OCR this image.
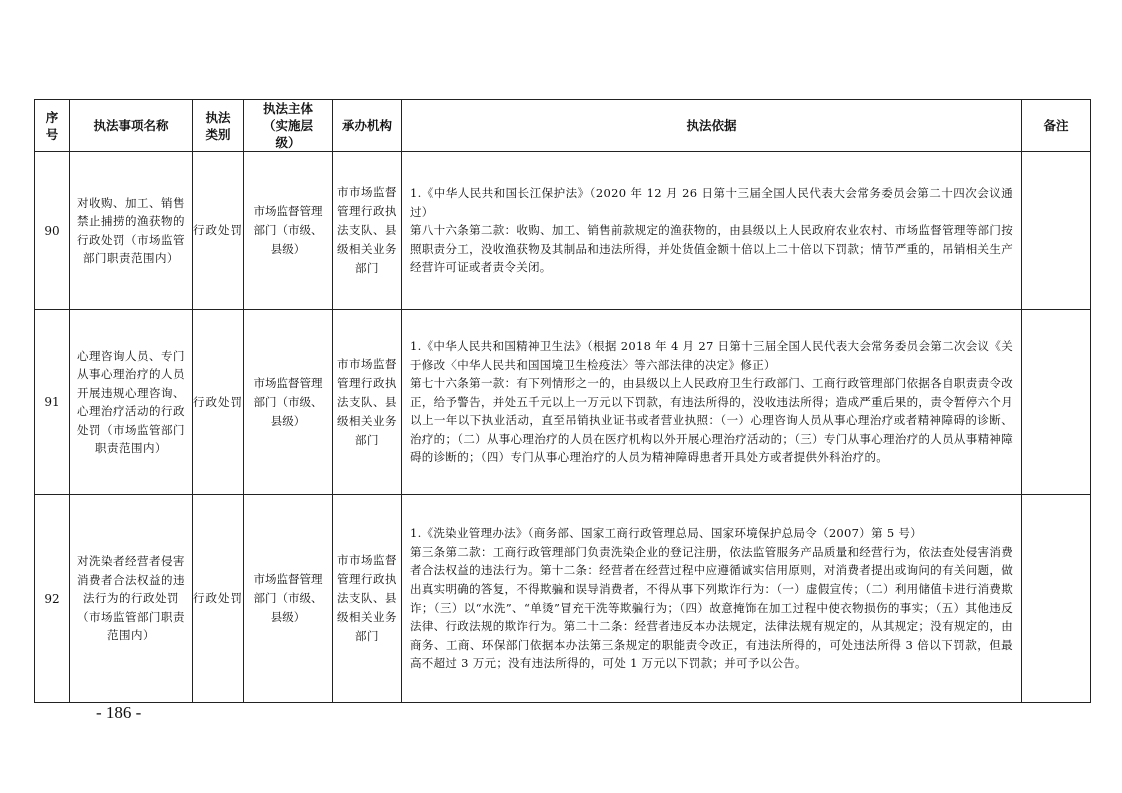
序号	执法事项名称	执法类别	执法主体（实施层级）	承办机构	执法依据	备注
90	对收购、加工、销售禁止捕捞的渔获物的行政处罚（市场监管部门职责范围内）	行政处罚	市场监督管理部门（市级、县级）	市市场监督管理行政执法支队、县级相关业务部门	1.《中华人民共和国长江保护法》（2020 年 12 月 26 日第十三届全国人民代表大会常务委员会第二十四次会议通过）

第八十六条第二款：收购、加工、销售前款规定的渔获物的，由县级以上人民政府农业农村、市场监督管理等部门按照职责分工，没收渔获物及其制品和违法所得，并处货值金额十倍以上二十倍以下罚款；情节严重的，吊销相关生产经营许可证或者责令关闭。	

91	心理咨询人员、专门从事心理治疗的人员开展违规心理咨询、心理治疗活动的行政处罚（市场监管部门职责范围内）	行政处罚	市场监督管理部门（市级、县级）	市市场监督管理行政执法支队、县级相关业务部门	1.《中华人民共和国精神卫生法》（根据 2018 年 4 月 27 日第十三届全国人民代表大会常务委员会第二次会议《关于修改〈中华人民共和国国境卫生检疫法〉等六部法律的决定》修正）

第七十六条第一款：有下列情形之一的，由县级以上人民政府卫生行政部门、工商行政管理部门依据各自职责责令改正，给予警告，并处五千元以上一万元以下罚款，有违法所得的，没收违法所得；造成严重后果的，责令暂停六个月以上一年以下执业活动，直至吊销执业证书或者营业执照：（一）心理咨询人员从事心理治疗或者精神障碍的诊断、治疗的；（二）从事心理治疗的人员在医疗机构以外开展心理治疗活动的；（三）专门从事心理治疗的人员从事精神障碍的诊断的；（四）专门从事心理治疗的人员为精神障碍患者开具处方或者提供外科治疗的。	

92	对洗染者经营者侵害消费者合法权益的违法行为的行政处罚（市场监管部门职责范围内）	行政处罚	市场监督管理部门（市级、县级）	市市场监督管理行政执法支队、县级相关业务部门	1.《洗染业管理办法》（商务部、国家工商行政管理总局、国家环境保护总局令（2007）第 5 号）

第三条第二款：工商行政管理部门负责洗染企业的登记注册，依法监管服务产品质量和经营行为，依法查处侵害消费者合法权益的违法行为。第十二条：经营者在经营过程中应遵循诚实信用原则，对消费者提出或询问的有关问题，做出真实明确的答复，不得欺骗和误导消费者，不得从事下列欺诈行为：（一）虚假宣传；（二）利用储值卡进行消费欺诈；（三）以“水洗”、“单烫”冒充干洗等欺骗行为；（四）故意掩饰在加工过程中使衣物损伤的事实；（五）其他违反法律、行政法规的欺诈行为。第二十二条：经营者违反本办法规定，法律法规有规定的，从其规定；没有规定的，由商务、工商、环保部门依据本办法第三条规定的职能责令改正，有违法所得的，可处违法所得 3 倍以下罚款，但最高不超过 3 万元；没有违法所得的，可处 1 万元以下罚款；并可予以公告。	

- 186 -
